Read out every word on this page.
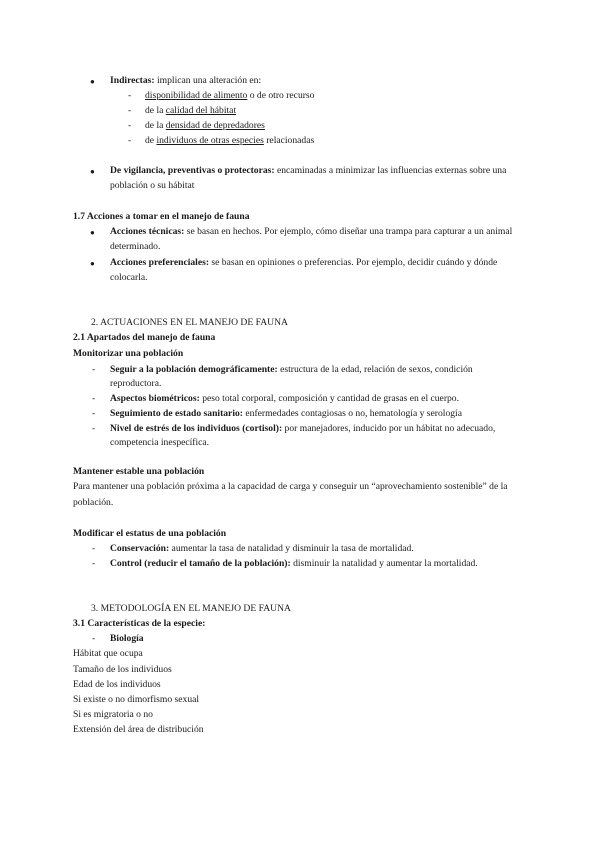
● Indirectas: implican una alteración en:
- disponibilidad de alimento o de otro recurso
- de la calidad del hábitat
- de la densidad de depredadores
- de individuos de otras especies relacionadas
● De vigilancia, preventivas o protectoras: encaminadas a minimizar las influencias externas sobre una
población o su hábitat
1.7 Acciones a tomar en el manejo de fauna
● Acciones técnicas: se basan en hechos. Por ejemplo, cómo diseñar una trampa para capturar a un animal
determinado.
● Acciones preferenciales: se basan en opiniones o preferencias. Por ejemplo, decidir cuándo y dónde
colocarla.
2. ACTUACIONES EN EL MANEJO DE FAUNA
2.1 Apartados del manejo de fauna
Monitorizar una población
- Seguir a la población demográficamente: estructura de la edad, relación de sexos, condición
reproductora.
- Aspectos biométricos: peso total corporal, composición y cantidad de grasas en el cuerpo.
- Seguimiento de estado sanitario: enfermedades contagiosas o no, hematología y serología
- Nivel de estrés de los individuos (cortisol): por manejadores, inducido por un hábitat no adecuado,
competencia inespecífica.
Mantener estable una población
Para mantener una población próxima a la capacidad de carga y conseguir un “aprovechamiento sostenible” de la
población.
Modificar el estatus de una población
- Conservación: aumentar la tasa de natalidad y disminuir la tasa de mortalidad.
- Control (reducir el tamaño de la población): disminuir la natalidad y aumentar la mortalidad.
3. METODOLOGÍA EN EL MANEJO DE FAUNA
3.1 Características de la especie:
- Biología
Hábitat que ocupa
Tamaño de los individuos
Edad de los individuos
Si existe o no dimorfismo sexual
Si es migratoria o no
Extensión del área de distribución
